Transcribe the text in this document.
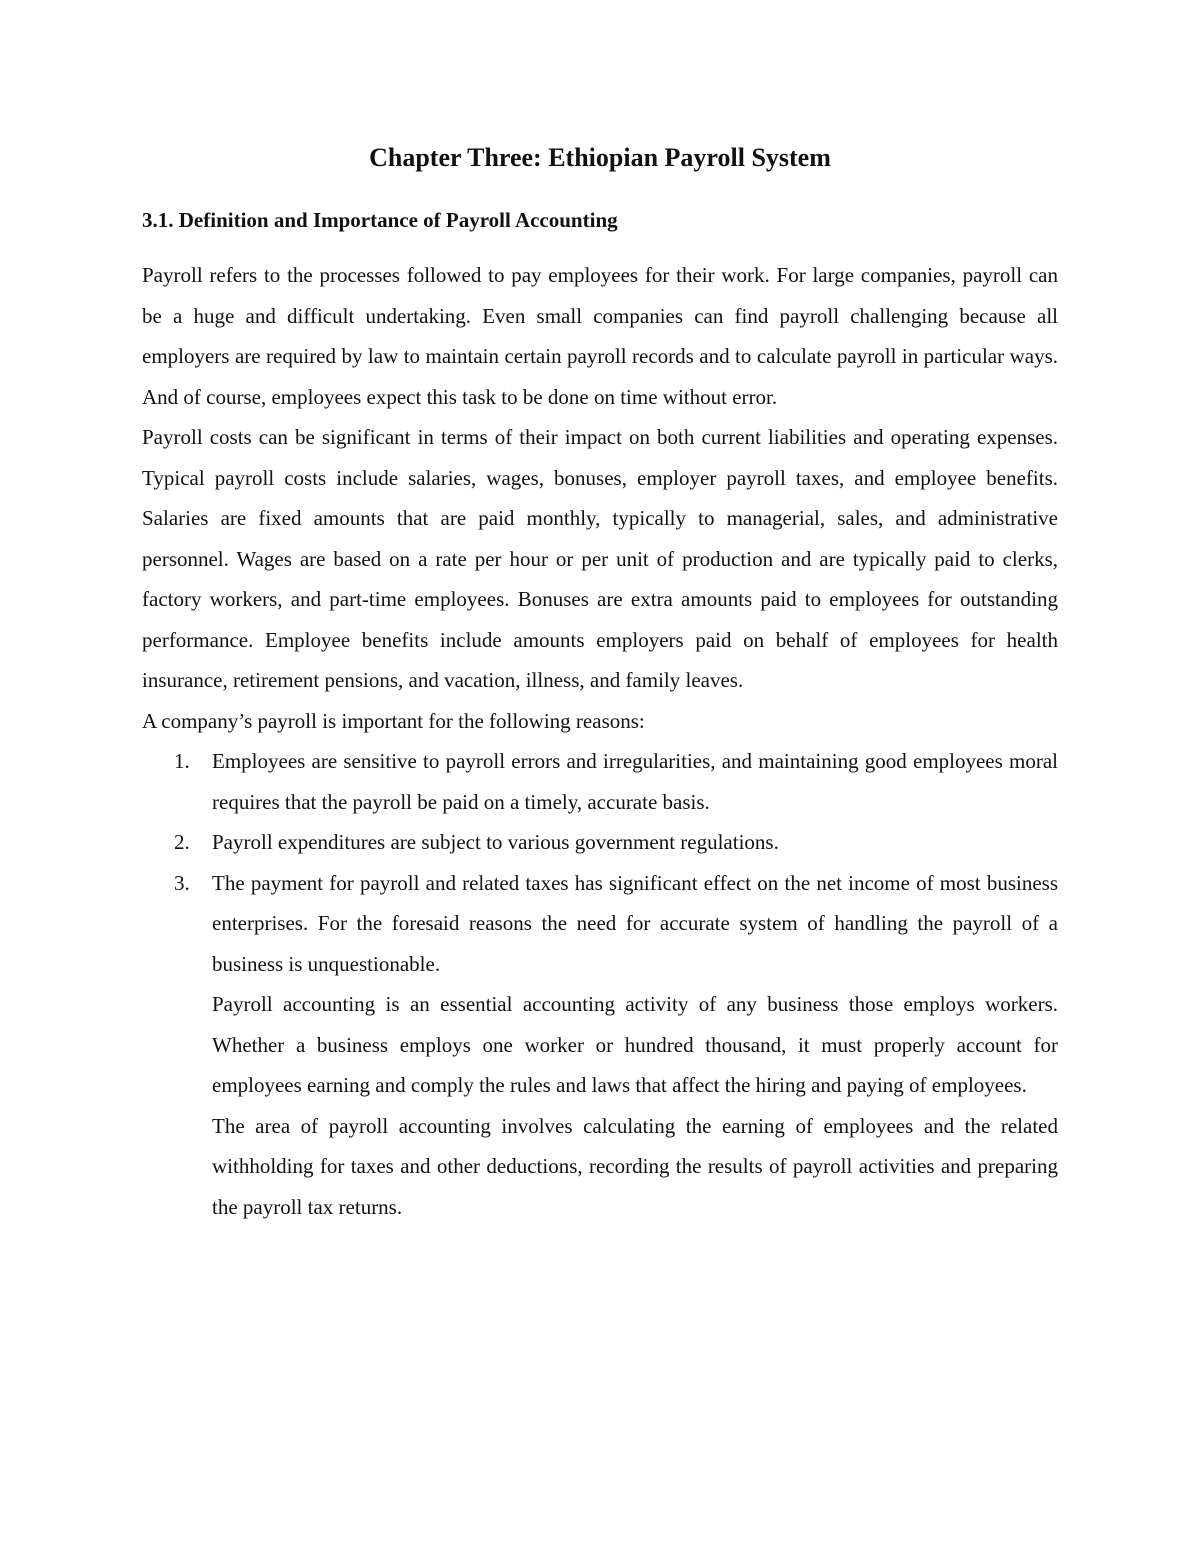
Chapter Three: Ethiopian Payroll System
3.1. Definition and Importance of Payroll Accounting

Payroll refers to the processes followed to pay employees for their work. For large companies, payroll can be a huge and difficult undertaking. Even small companies can find payroll challenging because all employers are required by law to maintain certain payroll records and to calculate payroll in particular ways. And of course, employees expect this task to be done on time without error.

Payroll costs can be significant in terms of their impact on both current liabilities and operating expenses. Typical payroll costs include salaries, wages, bonuses, employer payroll taxes, and employee benefits. Salaries are fixed amounts that are paid monthly, typically to managerial, sales, and administrative personnel. Wages are based on a rate per hour or per unit of production and are typically paid to clerks, factory workers, and part-time employees. Bonuses are extra amounts paid to employees for outstanding performance. Employee benefits include amounts employers paid on behalf of employees for health insurance, retirement pensions, and vacation, illness, and family leaves.

A company’s payroll is important for the following reasons:

1. Employees are sensitive to payroll errors and irregularities, and maintaining good employees moral requires that the payroll be paid on a timely, accurate basis.
2. Payroll expenditures are subject to various government regulations.
3. The payment for payroll and related taxes has significant effect on the net income of most business enterprises. For the foresaid reasons the need for accurate system of handling the payroll of a business is unquestionable.

Payroll accounting is an essential accounting activity of any business those employs workers. Whether a business employs one worker or hundred thousand, it must properly account for employees earning and comply the rules and laws that affect the hiring and paying of employees.

The area of payroll accounting involves calculating the earning of employees and the related withholding for taxes and other deductions, recording the results of payroll activities and preparing the payroll tax returns.
